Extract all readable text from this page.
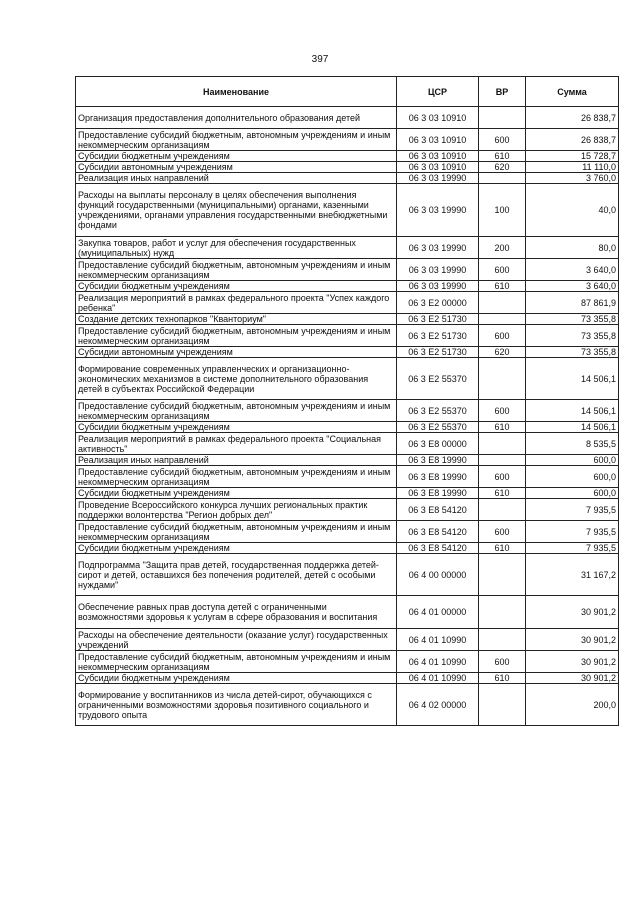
397
Наименование	ЦСР	ВР	Сумма
Организация предоставления дополнительного образования детей	06 3 03 10910		26 838,7
Предоставление субсидий бюджетным, автономным учреждениям и иным некоммерческим организациям	06 3 03 10910	600	26 838,7
Субсидии бюджетным учреждениям	06 3 03 10910	610	15 728,7
Субсидии автономным учреждениям	06 3 03 10910	620	11 110,0
Реализация иных направлений	06 3 03 19990		3 760,0
Расходы на выплаты персоналу в целях обеспечения выполнения функций государственными (муниципальными) органами, казенными учреждениями, органами управления государственными внебюджетными фондами	06 3 03 19990	100	40,0
Закупка товаров, работ и услуг для обеспечения государственных (муниципальных) нужд	06 3 03 19990	200	80,0
Предоставление субсидий бюджетным, автономным учреждениям и иным некоммерческим организациям	06 3 03 19990	600	3 640,0
Субсидии бюджетным учреждениям	06 3 03 19990	610	3 640,0
Реализация мероприятий в рамках федерального проекта "Успех каждого ребенка"	06 3 E2 00000		87 861,9
Создание детских технопарков "Кванториум"	06 3 E2 51730		73 355,8
Предоставление субсидий бюджетным, автономным учреждениям и иным некоммерческим организациям	06 3 E2 51730	600	73 355,8
Субсидии автономным учреждениям	06 3 E2 51730	620	73 355,8
Формирование современных управленческих и организационно-экономических механизмов в системе дополнительного образования детей в субъектах Российской Федерации	06 3 E2 55370		14 506,1
Предоставление субсидий бюджетным, автономным учреждениям и иным некоммерческим организациям	06 3 E2 55370	600	14 506,1
Субсидии бюджетным учреждениям	06 3 E2 55370	610	14 506,1
Реализация мероприятий в рамках федерального проекта "Социальная активность"	06 3 E8 00000		8 535,5
Реализация иных направлений	06 3 E8 19990		600,0
Предоставление субсидий бюджетным, автономным учреждениям и иным некоммерческим организациям	06 3 E8 19990	600	600,0
Субсидии бюджетным учреждениям	06 3 E8 19990	610	600,0
Проведение Всероссийского конкурса лучших региональных практик поддержки волонтерства "Регион добрых дел"	06 3 E8 54120		7 935,5
Предоставление субсидий бюджетным, автономным учреждениям и иным некоммерческим организациям	06 3 E8 54120	600	7 935,5
Субсидии бюджетным учреждениям	06 3 E8 54120	610	7 935,5
Подпрограмма "Защита прав детей, государственная поддержка детей-сирот и детей, оставшихся без попечения родителей, детей с особыми нуждами"	06 4 00 00000		31 167,2
Обеспечение равных прав доступа детей с ограниченными возможностями здоровья к услугам в сфере образования и воспитания	06 4 01 00000		30 901,2
Расходы на обеспечение деятельности (оказание услуг) государственных учреждений	06 4 01 10990		30 901,2
Предоставление субсидий бюджетным, автономным учреждениям и иным некоммерческим организациям	06 4 01 10990	600	30 901,2
Субсидии бюджетным учреждениям	06 4 01 10990	610	30 901,2
Формирование у воспитанников из числа детей-сирот, обучающихся с ограниченными возможностями здоровья позитивного социального и трудового опыта	06 4 02 00000		200,0
